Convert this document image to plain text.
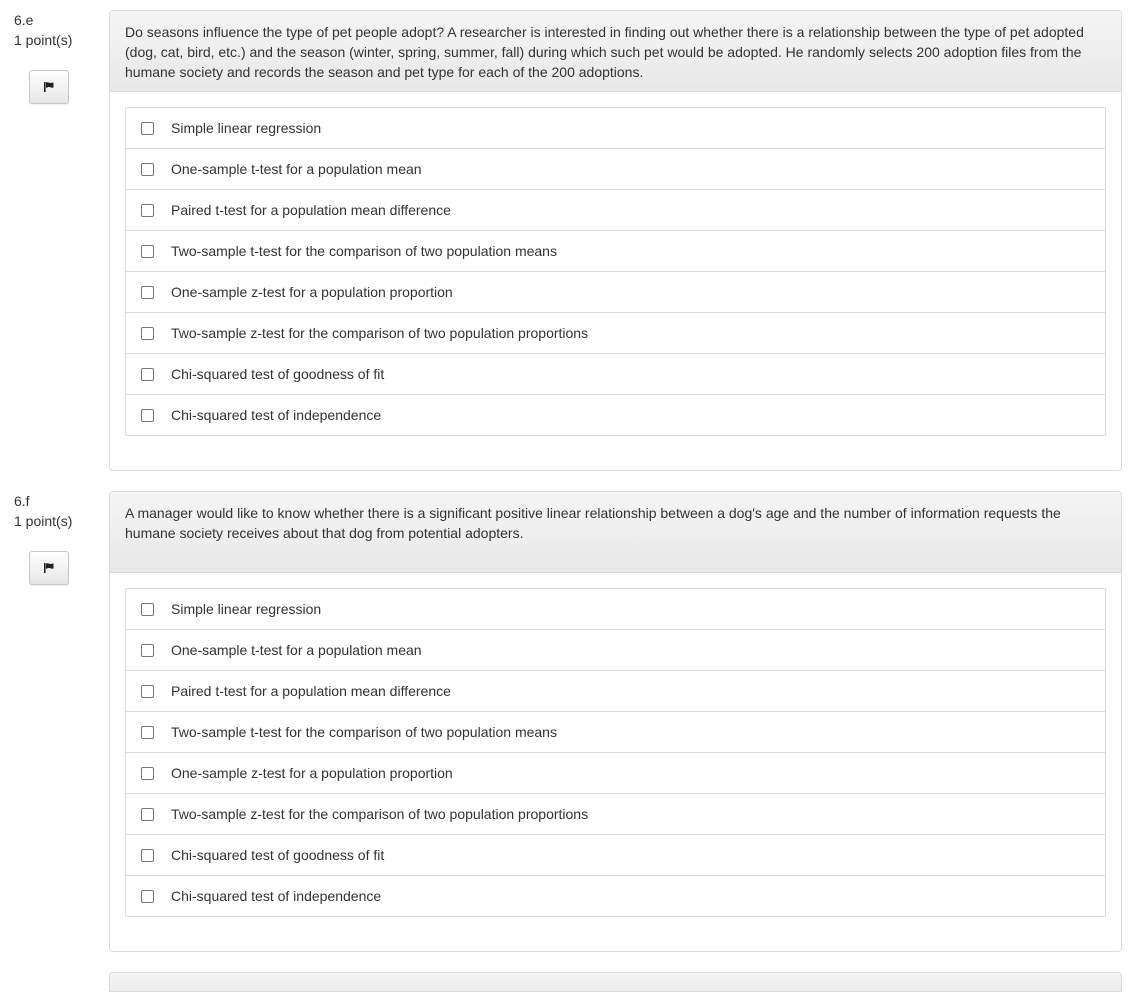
6.e
1 point(s)	Do seasons influence the type of pet people adopt? A researcher is interested in finding out whether there is a relationship between the type of pet adopted (dog, cat, bird, etc.) and the season (winter, spring, summer, fall) during which such pet would be adopted. He randomly selects 200 adoption files from the humane society and records the season and pet type for each of the 200 adoptions.
Simple linear regression
One-sample t-test for a population mean
Paired t-test for a population mean difference
Two-sample t-test for the comparison of two population means
One-sample z-test for a population proportion
Two-sample z-test for the comparison of two population proportions
Chi-squared test of goodness of fit
Chi-squared test of independence
6.f
1 point(s)	A manager would like to know whether there is a significant positive linear relationship between a dog's age and the number of information requests the humane society receives about that dog from potential adopters.
Simple linear regression
One-sample t-test for a population mean
Paired t-test for a population mean difference
Two-sample t-test for the comparison of two population means
One-sample z-test for a population proportion
Two-sample z-test for the comparison of two population proportions
Chi-squared test of goodness of fit
Chi-squared test of independence
